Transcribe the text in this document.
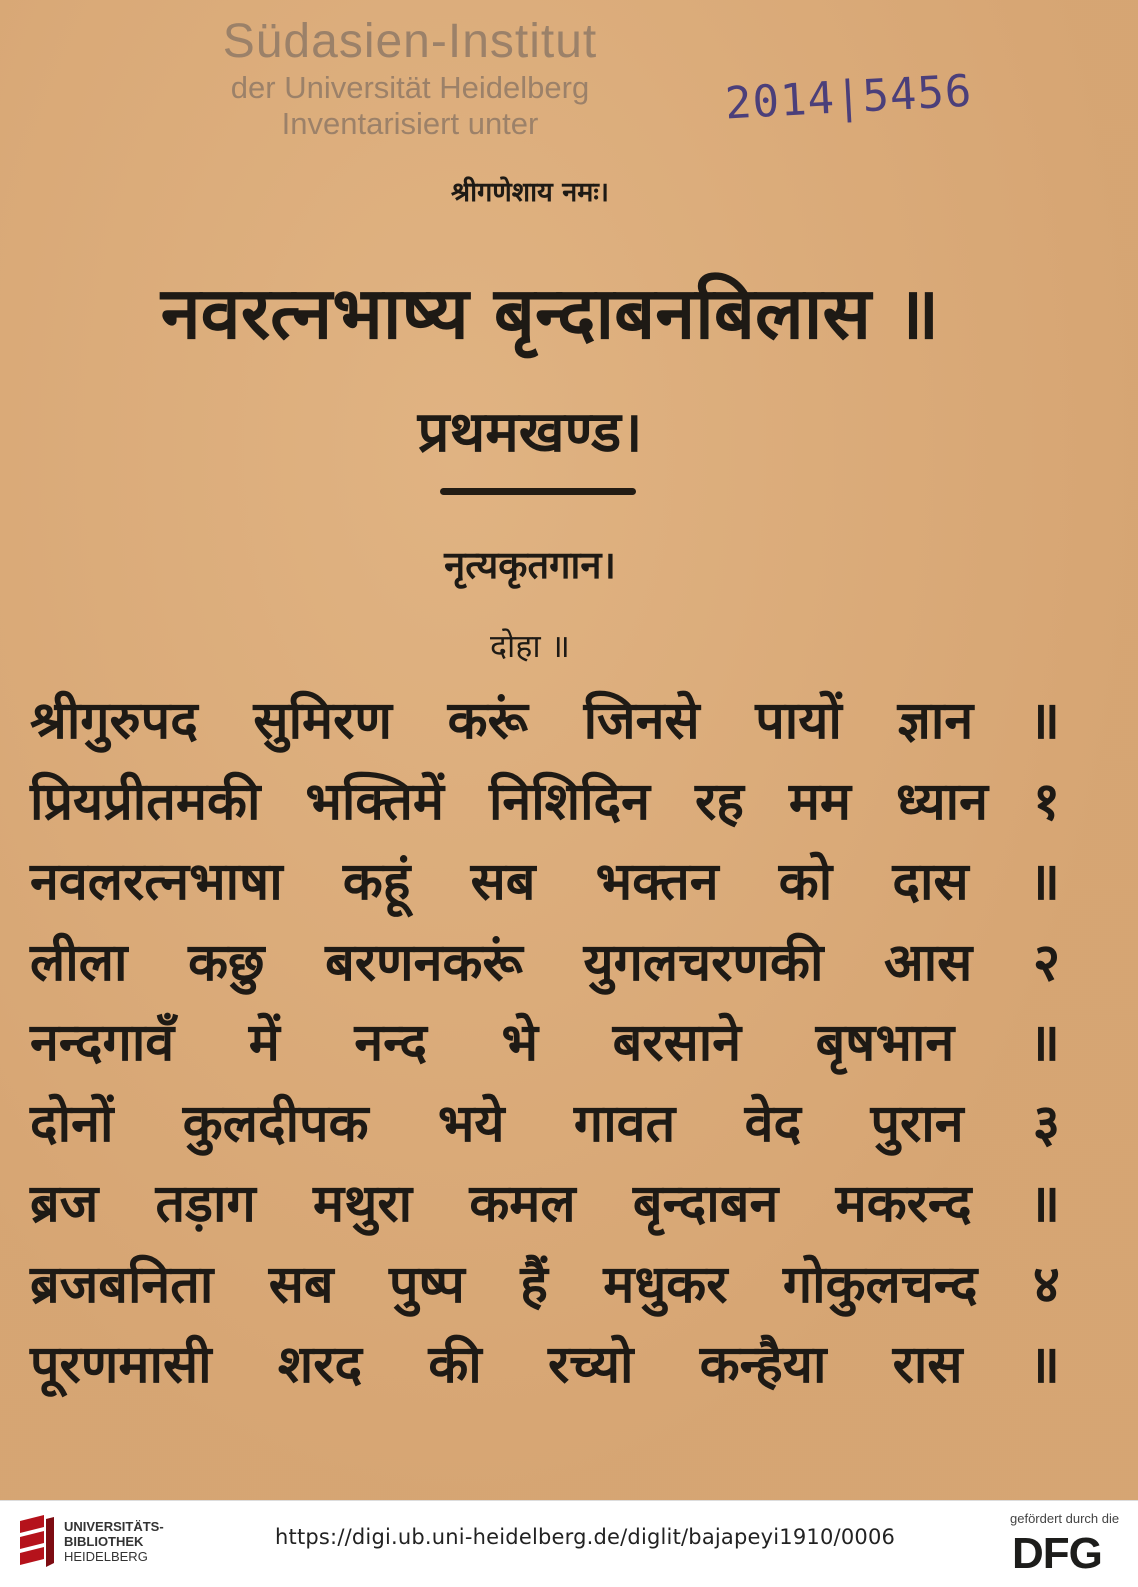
Südasien-Institut
der Universität Heidelberg
Inventarisiert unter	2014|5456
श्रीगणेशाय नमः।
नवरत्नभाष्य बृन्दाबनबिलास ॥
प्रथमखण्ड।
नृत्यकृतगान।
दोहा ॥
श्रीगुरुपद सुमिरण करूं जिनसे पायों ज्ञान ॥
प्रियप्रीतमकी भक्तिमें निशिदिन रह मम ध्यान १
नवलरत्नभाषा कहूं सब भक्तन को दास ॥
लीला कछु बरणनकरूं युगलचरणकी आस २
नन्दगावँ में नन्द भे बरसाने बृषभान ॥
दोनों कुलदीपक भये गावत वेद पुरान ३
ब्रज तड़ाग मथुरा कमल बृन्दाबन मकरन्द ॥
ब्रजबनिता सब पुष्प हैं मधुकर गोकुलचन्द ४
पूरणमासी शरद की रच्यो कन्हैया रास ॥
UNIVERSITÄTS-
BIBLIOTHEK
HEIDELBERG
https://digi.ub.uni-heidelberg.de/diglit/bajapeyi1910/0006
gefördert durch die
DFG
